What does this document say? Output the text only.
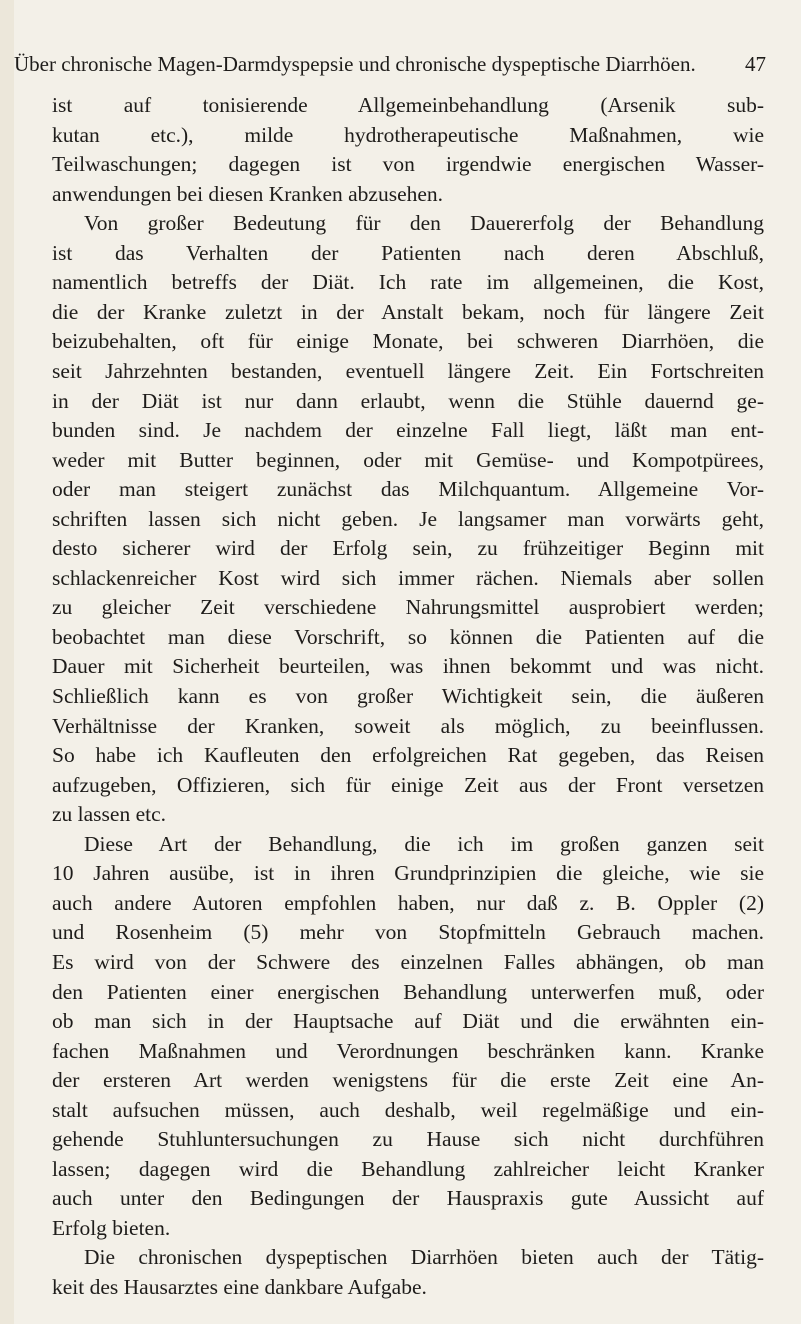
Über chronische Magen-Darmdyspepsie und chronische dyspeptische Diarrhöen. 47
ist auf tonisierende Allgemeinbehandlung (Arsenik sub-
kutan etc.), milde hydrotherapeutische Maßnahmen, wie
Teilwaschungen; dagegen ist von irgendwie energischen Wasser-
anwendungen bei diesen Kranken abzusehen.
Von großer Bedeutung für den Dauererfolg der Behandlung
ist das Verhalten der Patienten nach deren Abschluß,
namentlich betreffs der Diät. Ich rate im allgemeinen, die Kost,
die der Kranke zuletzt in der Anstalt bekam, noch für längere Zeit
beizubehalten, oft für einige Monate, bei schweren Diarrhöen, die
seit Jahrzehnten bestanden, eventuell längere Zeit. Ein Fortschreiten
in der Diät ist nur dann erlaubt, wenn die Stühle dauernd ge-
bunden sind. Je nachdem der einzelne Fall liegt, läßt man ent-
weder mit Butter beginnen, oder mit Gemüse- und Kompotpürees,
oder man steigert zunächst das Milchquantum. Allgemeine Vor-
schriften lassen sich nicht geben. Je langsamer man vorwärts geht,
desto sicherer wird der Erfolg sein, zu frühzeitiger Beginn mit
schlackenreicher Kost wird sich immer rächen. Niemals aber sollen
zu gleicher Zeit verschiedene Nahrungsmittel ausprobiert werden;
beobachtet man diese Vorschrift, so können die Patienten auf die
Dauer mit Sicherheit beurteilen, was ihnen bekommt und was nicht.
Schließlich kann es von großer Wichtigkeit sein, die äußeren
Verhältnisse der Kranken, soweit als möglich, zu beeinflussen.
So habe ich Kaufleuten den erfolgreichen Rat gegeben, das Reisen
aufzugeben, Offizieren, sich für einige Zeit aus der Front versetzen
zu lassen etc.
Diese Art der Behandlung, die ich im großen ganzen seit
10 Jahren ausübe, ist in ihren Grundprinzipien die gleiche, wie sie
auch andere Autoren empfohlen haben, nur daß z. B. Oppler (2)
und Rosenheim (5) mehr von Stopfmitteln Gebrauch machen.
Es wird von der Schwere des einzelnen Falles abhängen, ob man
den Patienten einer energischen Behandlung unterwerfen muß, oder
ob man sich in der Hauptsache auf Diät und die erwähnten ein-
fachen Maßnahmen und Verordnungen beschränken kann. Kranke
der ersteren Art werden wenigstens für die erste Zeit eine An-
stalt aufsuchen müssen, auch deshalb, weil regelmäßige und ein-
gehende Stuhluntersuchungen zu Hause sich nicht durchführen
lassen; dagegen wird die Behandlung zahlreicher leicht Kranker
auch unter den Bedingungen der Hauspraxis gute Aussicht auf
Erfolg bieten.
Die chronischen dyspeptischen Diarrhöen bieten auch der Tätig-
keit des Hausarztes eine dankbare Aufgabe.
